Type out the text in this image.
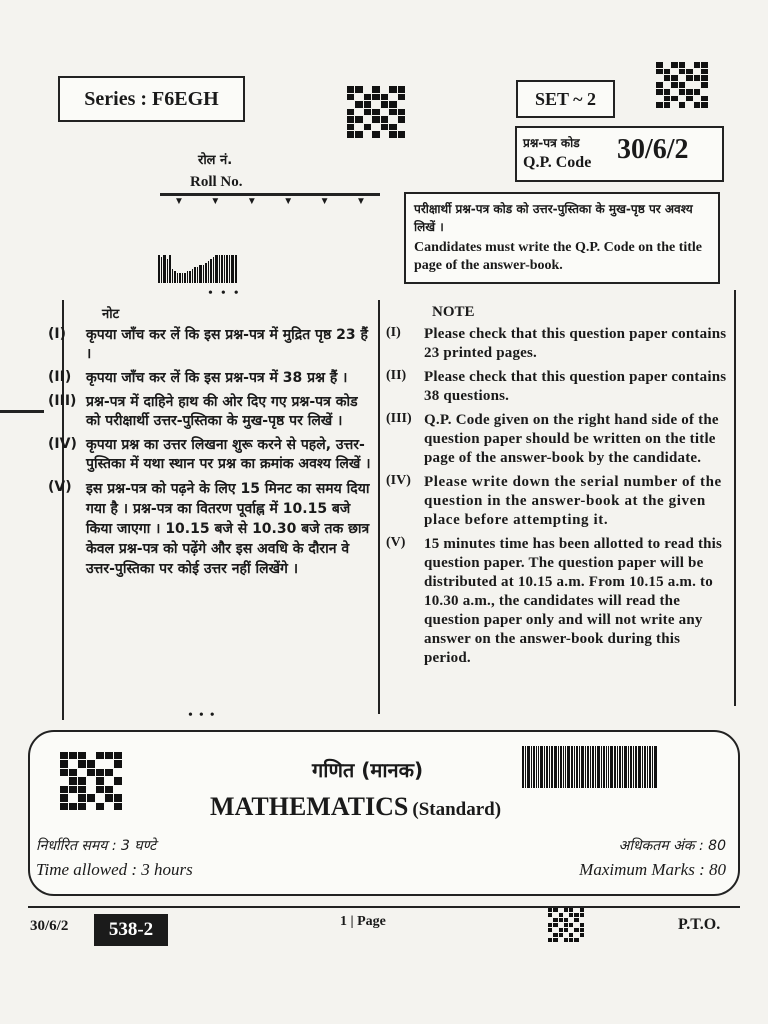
Series : F6EGH	SET ~ 2
प्रश्न-पत्र कोड
Q.P. Code 30/6/2
रोल नं.
Roll No.
▼	▼	▼	▼	▼	▼
परीक्षार्थी प्रश्न-पत्र कोड को उत्तर-पुस्तिका के मुख-पृष्ठ पर अवश्य लिखें ।
Candidates must write the Q.P. Code on the title page of the answer-book.
•••
नोट
(I)	कृपया जाँच कर लें कि इस प्रश्न-पत्र में मुद्रित पृष्ठ 23 हैं ।
(II)	कृपया जाँच कर लें कि इस प्रश्न-पत्र में 38 प्रश्न हैं ।
(III) प्रश्न-पत्र में दाहिने हाथ की ओर दिए गए प्रश्न-पत्र कोड को परीक्षार्थी उत्तर-पुस्तिका के मुख-पृष्ठ पर लिखें ।
(IV) कृपया प्रश्न का उत्तर लिखना शुरू करने से पहले, उत्तर-पुस्तिका में यथा स्थान पर प्रश्न का क्रमांक अवश्य लिखें ।
(V)	इस प्रश्न-पत्र को पढ़ने के लिए 15 मिनट का समय दिया गया है । प्रश्न-पत्र का वितरण पूर्वाह्न में 10.15 बजे किया जाएगा । 10.15 बजे से 10.30 बजे तक छात्र केवल प्रश्न-पत्र को पढ़ेंगे और इस अवधि के दौरान वे उत्तर-पुस्तिका पर कोई उत्तर नहीं लिखेंगे ।
NOTE
(I)	Please check that this question paper contains 23 printed pages.
(II)	Please check that this question paper contains 38 questions.
(III) Q.P. Code given on the right hand side of the question paper should be written on the title page of the answer-book by the candidate.
(IV) Please write down the serial number of the question in the answer-book at the given place before attempting it.
(V)	15 minutes time has been allotted to read this question paper. The question paper will be distributed at 10.15 a.m. From 10.15 a.m. to 10.30 a.m., the candidates will read the question paper only and will not write any answer on the answer-book during this period.
•••
गणित (मानक)
MATHEMATICS (Standard)
निर्धारित समय : 3 घण्टे
Time allowed : 3 hours
अधिकतम अंक : 80
Maximum Marks : 80
30/6/2	538-2	1 | Page	P.T.O.
